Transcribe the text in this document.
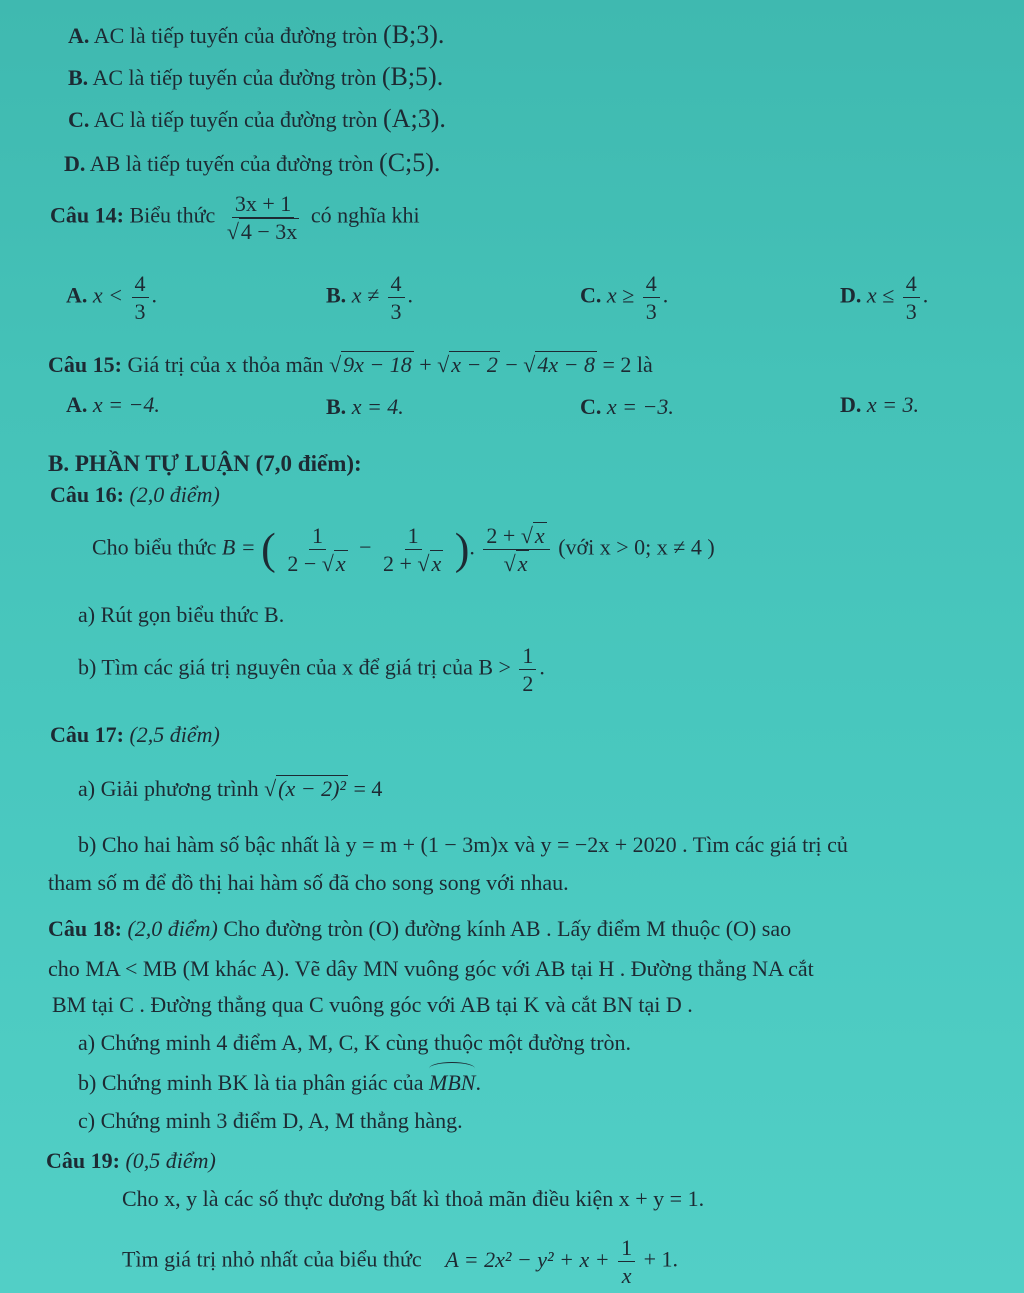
A. AC là tiếp tuyến của đường tròn (B;3).
B. AC là tiếp tuyến của đường tròn (B;5).
C. AC là tiếp tuyến của đường tròn (A;3).
D. AB là tiếp tuyến của đường tròn (C;5).
Câu 14: Biểu thức $\frac{3x + 1}{√4 - 3x}$ có nghĩa khi
A. $x < \frac{4}{3}$ .	B. $x \ne \frac{4}{3}$ .	C. $x \ge \frac{4}{3}$ .	D. $x \le \frac{4}{3}$ .
Câu 15: Giá trị của x thỏa mãn √9x − 18 + √x − 2 − √4x − 8 = 2 là
A. x = −4.	B. x = 4.	C. x = −3.	D. x = 3.
B. PHẦN TỰ LUẬN (7,0 điểm):
Câu 16: (2,0 điểm)
Cho biểu thức B = ( $\frac{1}{2 - √x} - \frac{1}{2 + √x}$ ). $\frac{2 + √x}{√x}$ (với x > 0; x ≠ 4 )
a) Rút gọn biểu thức B.
b) Tìm các giá trị nguyên của x để giá trị của $B > \frac{1}{2}$ .
Câu 17: (2,5 điểm)
a) Giải phương trình √(x − 2)² = 4
b) Cho hai hàm số bậc nhất là y = m + (1 − 3m)x và y = −2x + 2020 . Tìm các giá trị củ
tham số m để đồ thị hai hàm số đã cho song song với nhau.
Câu 18: (2,0 điểm) Cho đường tròn (O) đường kính AB . Lấy điểm M thuộc (O) sao
cho MA < MB (M khác A). Vẽ dây MN vuông góc với AB tại H . Đường thẳng NA cắt
BM tại C . Đường thẳng qua C vuông góc với AB tại K và cắt BN tại D .
a) Chứng minh 4 điểm A, M, C, K cùng thuộc một đường tròn.
b) Chứng minh BK là tia phân giác của MBN.
c) Chứng minh 3 điểm D, A, M thẳng hàng.
Câu 19: (0,5 điểm)
Cho x, y là các số thực dương bất kì thoả mãn điều kiện x + y = 1.
Tìm giá trị nhỏ nhất của biểu thức $A = 2x^2 - y^2 + x + \frac{1}{x} + 1$.
